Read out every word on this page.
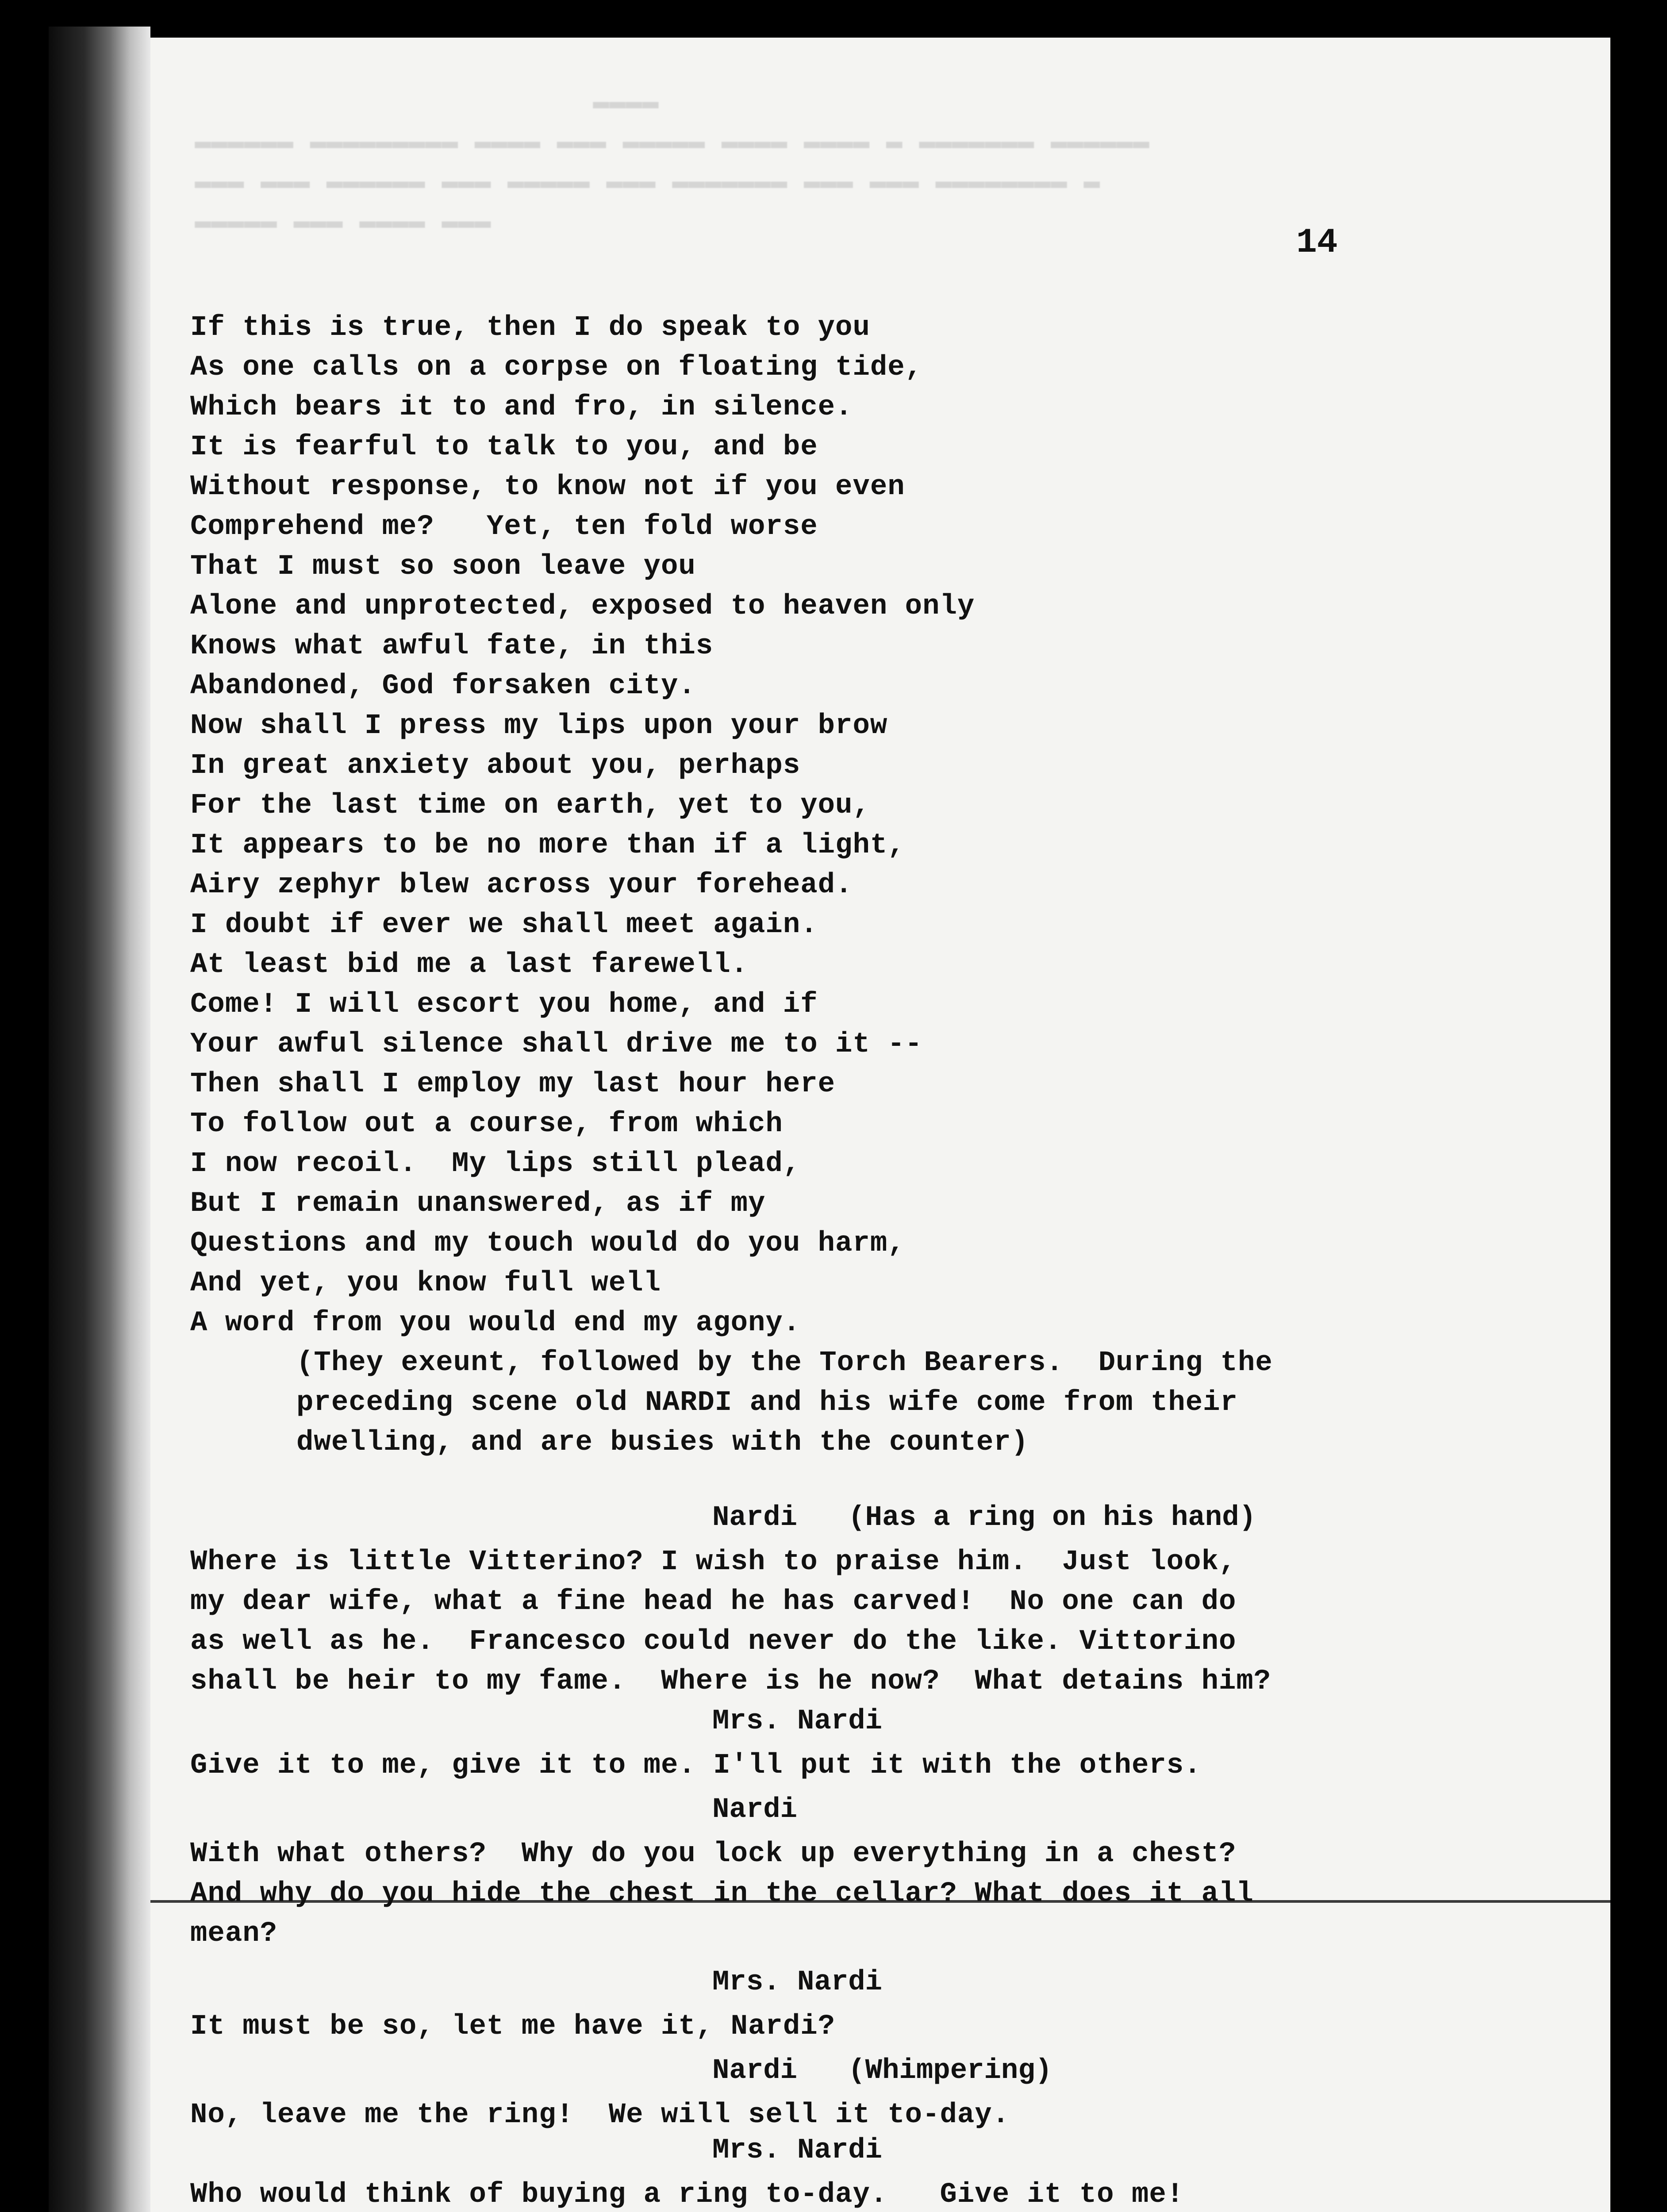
▬▬▬▬
▬▬▬▬▬▬ ▬▬▬▬▬▬▬▬▬ ▬▬▬▬ ▬▬▬ ▬▬▬▬▬ ▬▬▬▬ ▬▬▬▬ ▬ ▬▬▬▬▬▬▬ ▬▬▬▬▬▬
▬▬▬ ▬▬▬ ▬▬▬▬▬▬ ▬▬▬ ▬▬▬▬▬ ▬▬▬ ▬▬▬▬▬▬▬ ▬▬▬ ▬▬▬ ▬▬▬▬▬▬▬▬ ▬
▬▬▬▬▬ ▬▬▬ ▬▬▬▬ ▬▬▬
14
If this is true, then I do speak to you
As one calls on a corpse on floating tide,
Which bears it to and fro, in silence.
It is fearful to talk to you, and be
Without response, to know not if you even
Comprehend me?   Yet, ten fold worse
That I must so soon leave you
Alone and unprotected, exposed to heaven only
Knows what awful fate, in this
Abandoned, God forsaken city.
Now shall I press my lips upon your brow
In great anxiety about you, perhaps
For the last time on earth, yet to you,
It appears to be no more than if a light,
Airy zephyr blew across your forehead.
I doubt if ever we shall meet again.
At least bid me a last farewell.
Come! I will escort you home, and if
Your awful silence shall drive me to it --
Then shall I employ my last hour here
To follow out a course, from which
I now recoil.  My lips still plead,
But I remain unanswered, as if my
Questions and my touch would do you harm,
And yet, you know full well
A word from you would end my agony.
(They exeunt, followed by the Torch Bearers.  During the
preceding scene old NARDI and his wife come from their
dwelling, and are busies with the counter)
Nardi   (Has a ring on his hand)
Where is little Vitterino? I wish to praise him.  Just look,
my dear wife, what a fine head he has carved!  No one can do
as well as he.  Francesco could never do the like. Vittorino
shall be heir to my fame.  Where is he now?  What detains him?
Mrs. Nardi
Give it to me, give it to me. I'll put it with the others.
Nardi
With what others?  Why do you lock up everything in a chest?
And why do you hide the chest in the cellar? What does it all
mean?
Mrs. Nardi
It must be so, let me have it, Nardi?
Nardi   (Whimpering)
No, leave me the ring!  We will sell it to-day.
Mrs. Nardi
Who would think of buying a ring to-day.   Give it to me!
